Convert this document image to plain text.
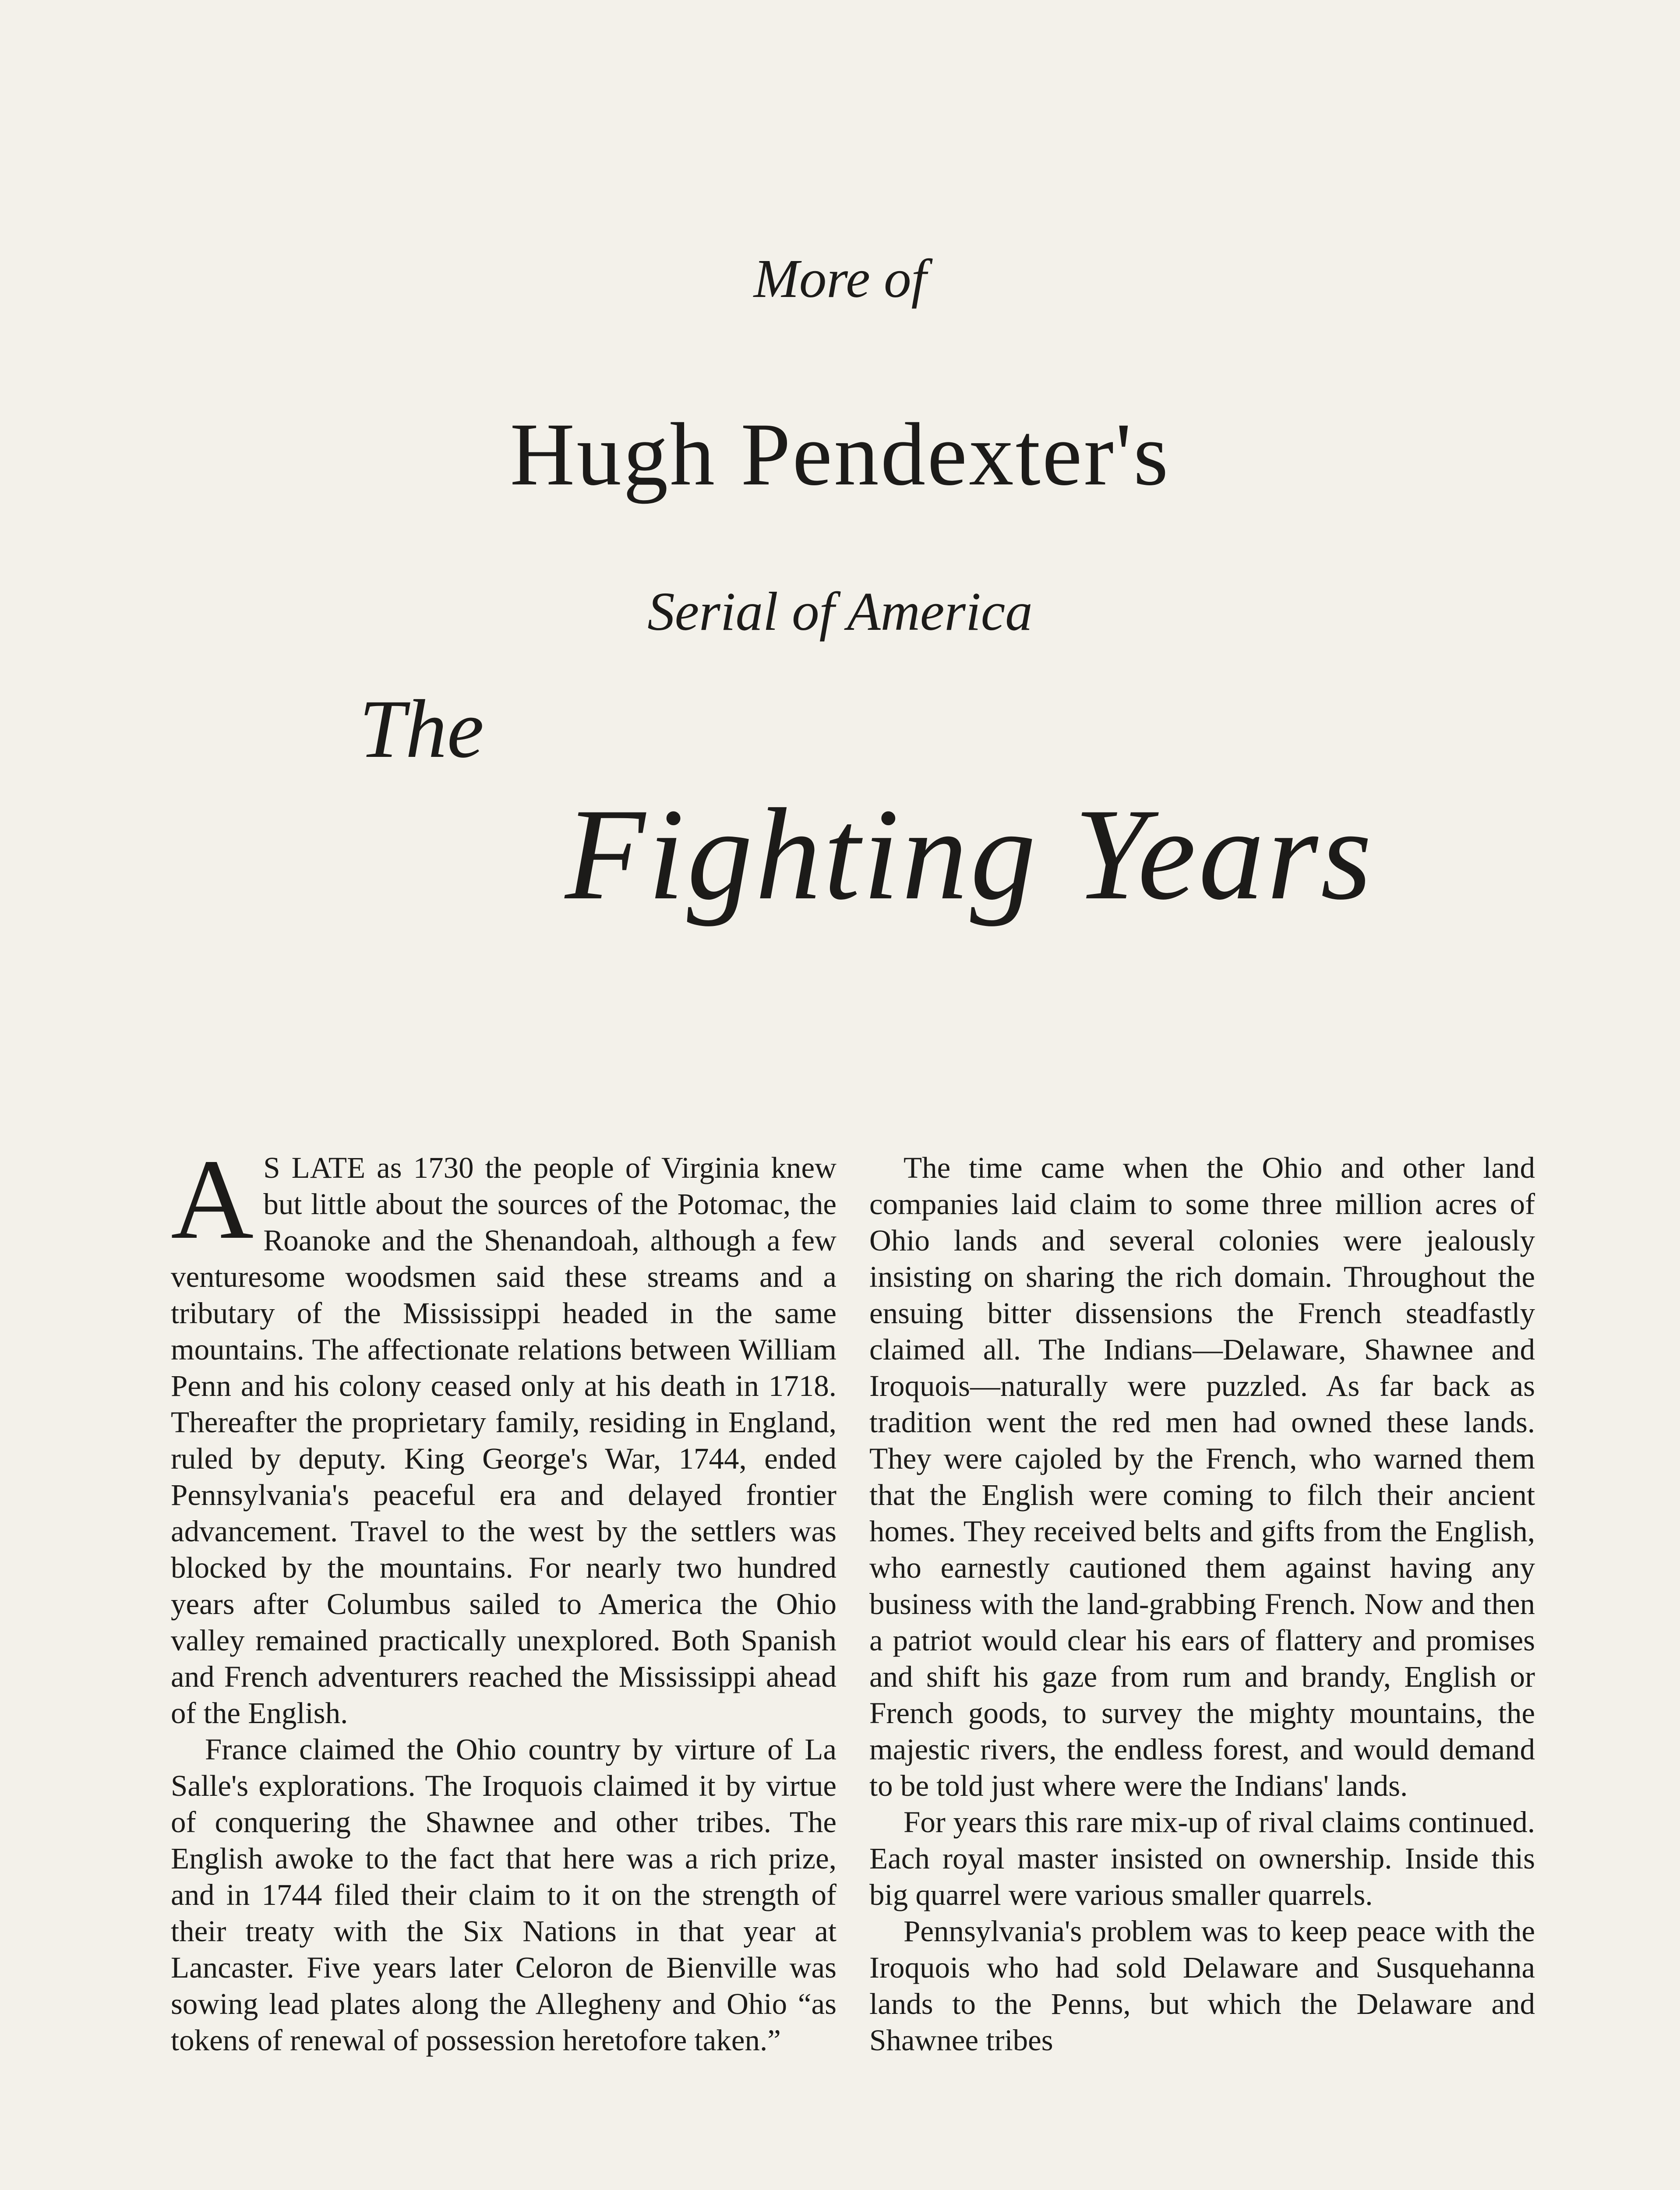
More of
Hugh Pendexter's
Serial of America
The
Fighting Years

A S LATE as 1730 the people of Virginia knew but little about the sources of the Potomac, the Roanoke and the Shenandoah, although a few venturesome woodsmen said these streams and a tributary of the Mississippi headed in the same mountains. The affectionate relations between William Penn and his colony ceased only at his death in 1718. Thereafter the proprietary family, residing in England, ruled by deputy. King George's War, 1744, ended Pennsylvania's peaceful era and delayed frontier advancement. Travel to the west by the settlers was blocked by the mountains. For nearly two hundred years after Columbus sailed to America the Ohio valley remained practically unexplored. Both Spanish and French adventurers reached the Mississippi ahead of the English.

France claimed the Ohio country by virture of La Salle's explorations. The Iroquois claimed it by virtue of conquering the Shawnee and other tribes. The English awoke to the fact that here was a rich prize, and in 1744 filed their claim to it on the strength of their treaty with the Six Nations in that year at Lancaster. Five years later Celoron de Bienville was sowing lead plates along the Allegheny and Ohio “as tokens of renewal of possession heretofore taken.”

The time came when the Ohio and other land companies laid claim to some three million acres of Ohio lands and several colonies were jealously insisting on sharing the rich domain. Throughout the ensuing bitter dissensions the French steadfastly claimed all. The Indians—Delaware, Shawnee and Iroquois—naturally were puzzled. As far back as tradition went the red men had owned these lands. They were cajoled by the French, who warned them that the English were coming to filch their ancient homes. They received belts and gifts from the English, who earnestly cautioned them against having any business with the land-grabbing French. Now and then a patriot would clear his ears of flattery and promises and shift his gaze from rum and brandy, English or French goods, to survey the mighty mountains, the majestic rivers, the endless forest, and would demand to be told just where were the Indians' lands.

For years this rare mix-up of rival claims continued. Each royal master insisted on ownership. Inside this big quarrel were various smaller quarrels.

Pennsylvania's problem was to keep peace with the Iroquois who had sold Delaware and Susquehanna lands to the Penns, but which the Delaware and Shawnee tribes
